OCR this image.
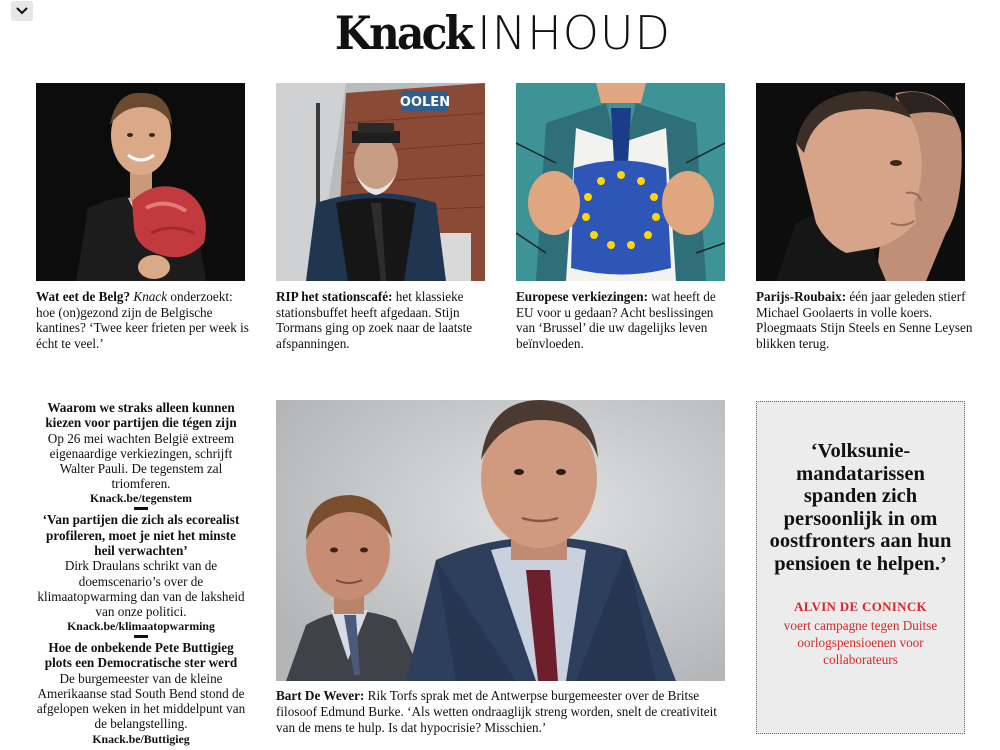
Knack INHOUD
OOLEN
Wat eet de Belg? Knack onderzoekt: hoe (on)gezond zijn de Belgische kantines? ‘Twee keer frieten per week is écht te veel.’
RIP het stationscafé: het klassieke stationsbuffet heeft afgedaan. Stijn Tormans ging op zoek naar de laatste afspanningen.
Europese verkiezingen: wat heeft de EU voor u gedaan? Acht beslissingen van ‘Brussel’ die uw dagelijks leven beïnvloeden.
Parijs-Roubaix: één jaar geleden stierf Michael Goolaerts in volle koers. Ploegmaats Stijn Steels en Senne Leysen blikken terug.
Waarom we straks alleen kunnen kiezen voor partijen die tégen zijn
Op 26 mei wachten België extreem eigenaardige verkiezingen, schrijft Walter Pauli. De tegenstem zal triomferen.
Knack.be/tegenstem
‘Van partijen die zich als ecorealist profileren, moet je niet het minste heil verwachten’
Dirk Draulans schrikt van de doemscenario’s over de klimaatopwarming dan van de laksheid van onze politici.
Knack.be/klimaatopwarming
Hoe de onbekende Pete Buttigieg plots een Democratische ster werd
De burgemeester van de kleine Amerikaanse stad South Bend stond de afgelopen weken in het middelpunt van de belangstelling.
Knack.be/Buttigieg
Bart De Wever: Rik Torfs sprak met de Antwerpse burgemeester over de Britse filosoof Edmund Burke. ‘Als wetten ondraaglijk streng worden, snelt de creativiteit van de mens te hulp. Is dat hypocrisie? Misschien.’
‘Volksunie-mandatarissen spanden zich persoonlijk in om oostfronters aan hun pensioen te helpen.’
ALVIN DE CONINCK
voert campagne tegen Duitse oorlogspensioenen voor collaborateurs
